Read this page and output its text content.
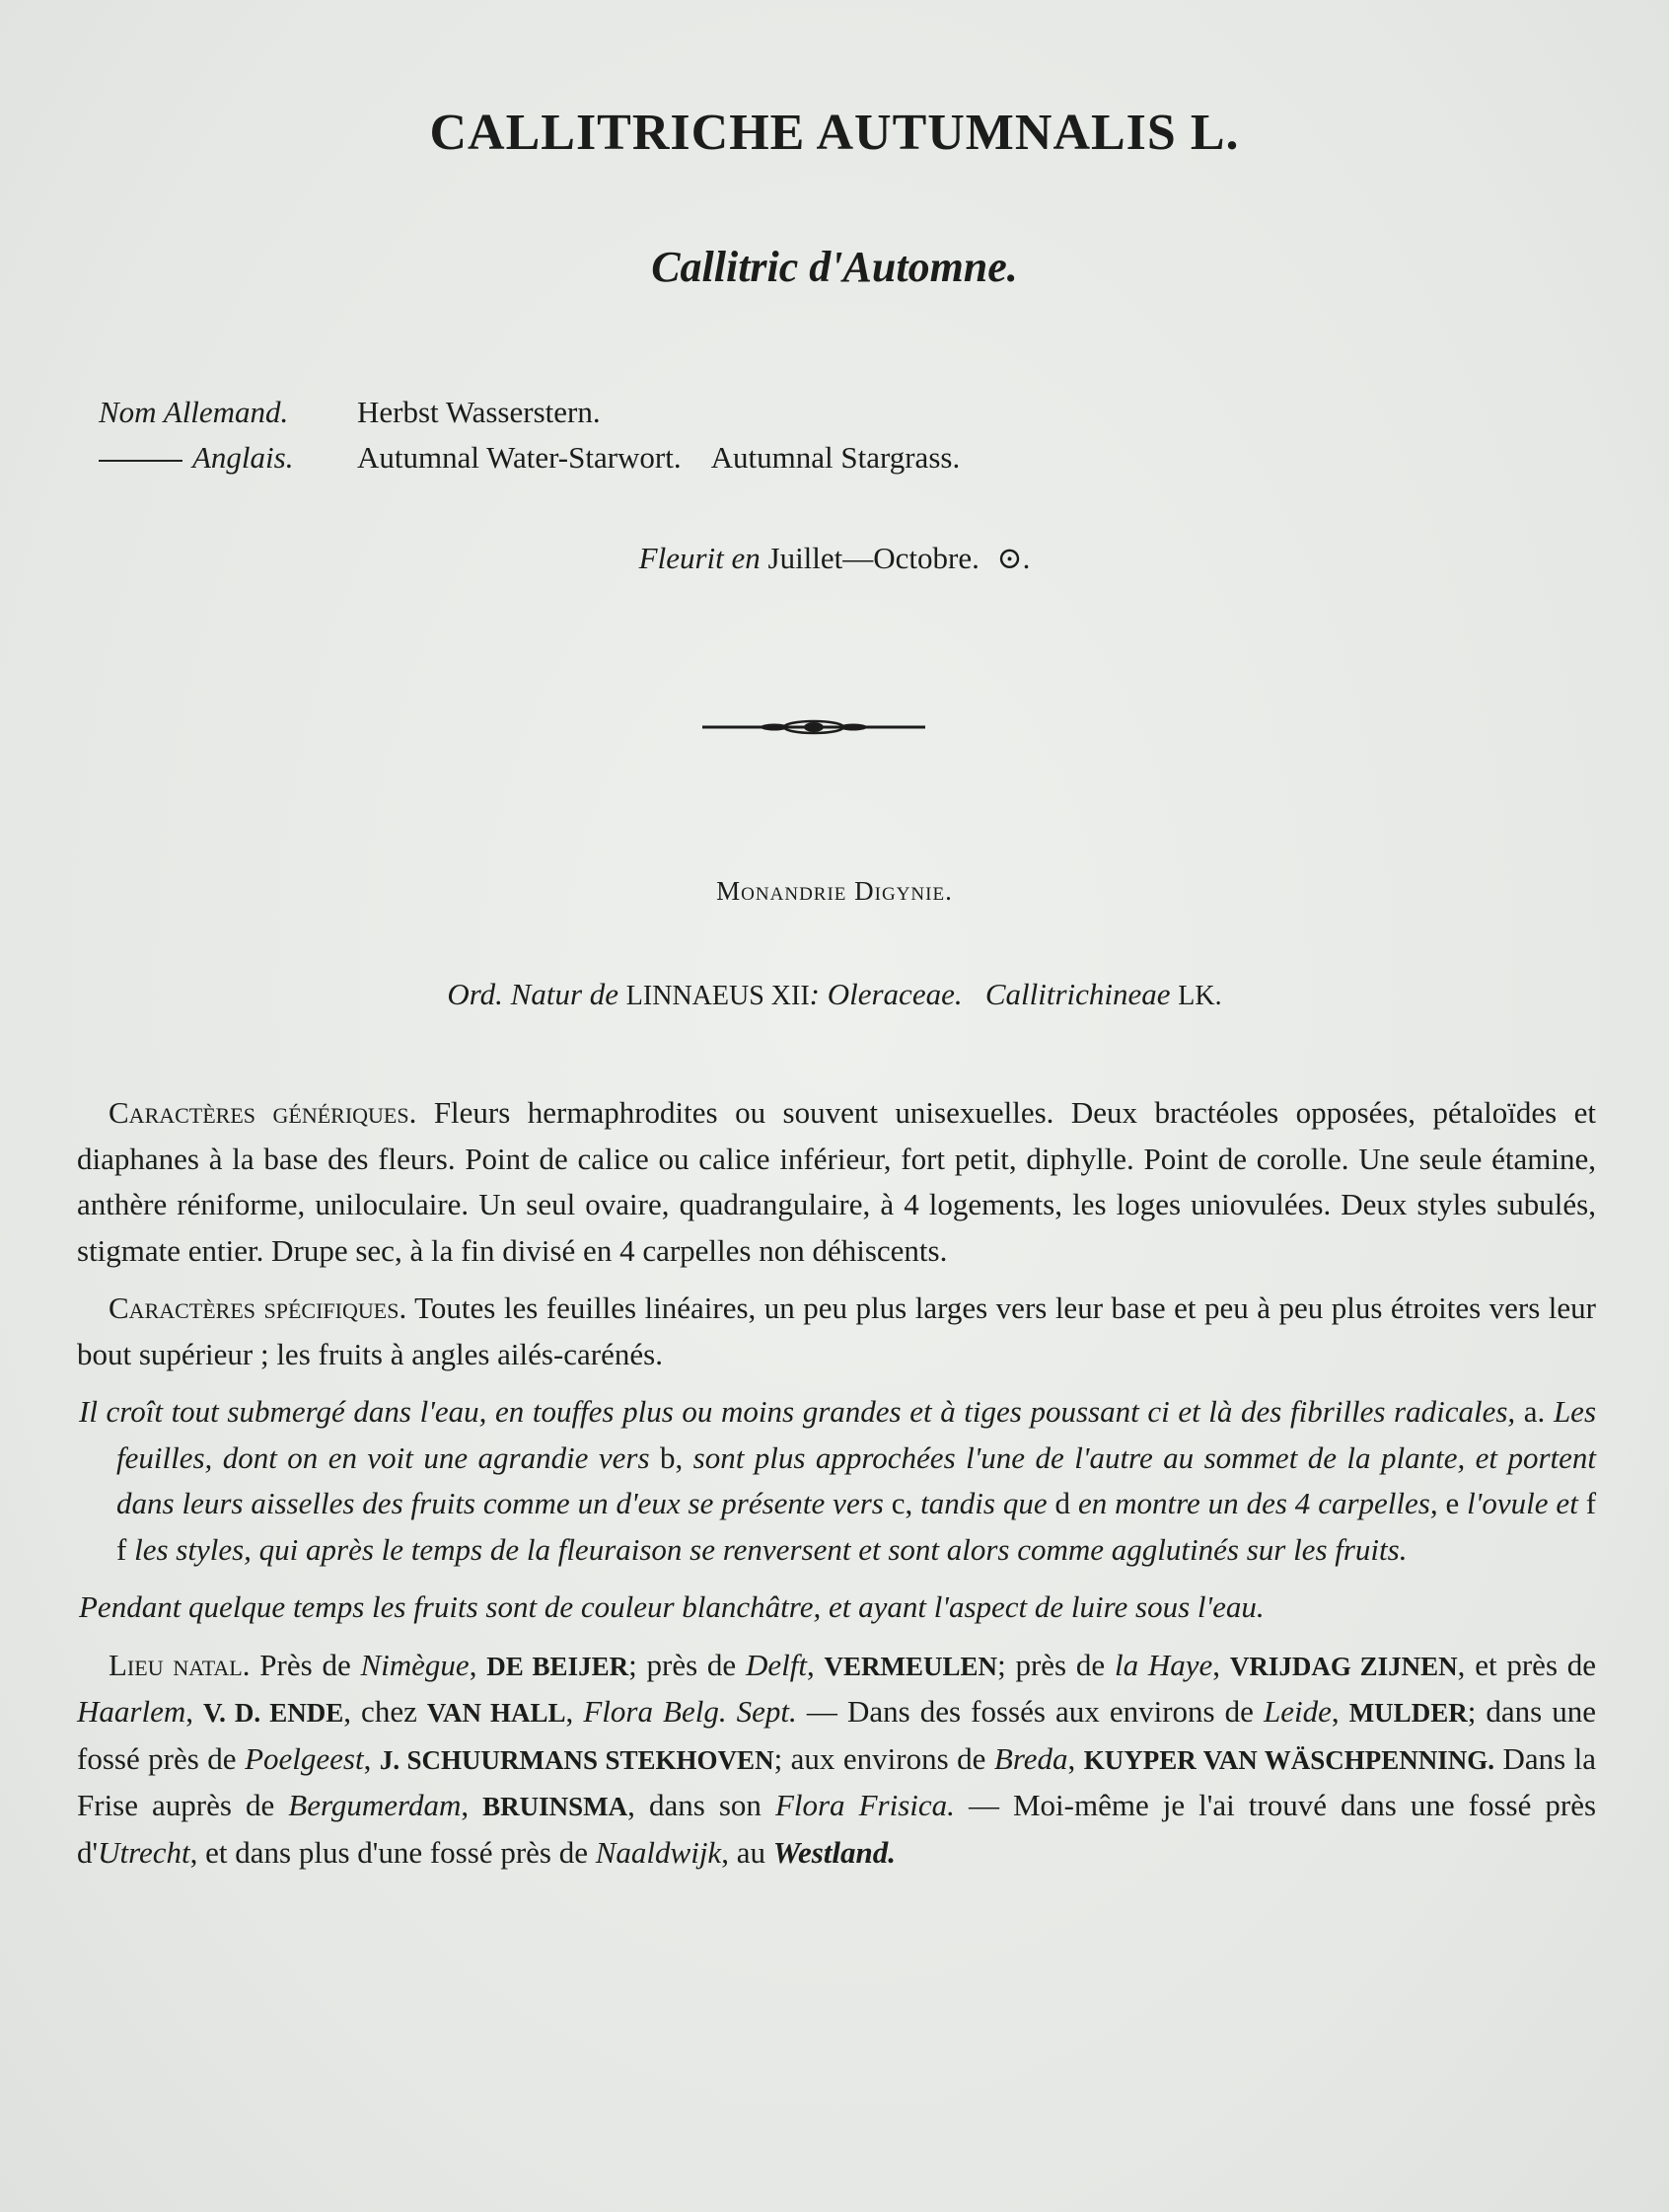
CALLITRICHE AUTUMNALIS L.
Callitric d'Automne.
Nom Allemand. Herbst Wasserstern.
Anglais. Autumnal Water-Starwort. Autumnal Stargrass.
Fleurit en Juillet—Octobre. ⊙.
Monandrie Digynie.
Ord. Natur de LINNAEUS XII: Oleraceae. Callitrichineae LK.

Caractères génériques. Fleurs hermaphrodites ou souvent unisexuelles. Deux bractéoles opposées, pétaloïdes et diaphanes à la base des fleurs. Point de calice ou calice inférieur, fort petit, diphylle. Point de corolle. Une seule étamine, anthère réniforme, uniloculaire. Un seul ovaire, quadrangulaire, à 4 logements, les loges uniovulées. Deux styles subulés, stigmate entier. Drupe sec, à la fin divisé en 4 carpelles non déhiscents.

Caractères spécifiques. Toutes les feuilles linéaires, un peu plus larges vers leur base et peu à peu plus étroites vers leur bout supérieur ; les fruits à angles ailés-carénés.

Il croît tout submergé dans l'eau, en touffes plus ou moins grandes et à tiges poussant ci et là des fibrilles radicales, a. Les feuilles, dont on en voit une agrandie vers b, sont plus approchées l'une de l'autre au sommet de la plante, et portent dans leurs aisselles des fruits comme un d'eux se présente vers c, tandis que d en montre un des 4 carpelles, e l'ovule et f f les styles, qui après le temps de la fleuraison se renversent et sont alors comme agglutinés sur les fruits.

Pendant quelque temps les fruits sont de couleur blanchâtre, et ayant l'aspect de luire sous l'eau.

Lieu natal. Près de Nimègue, DE BEIJER; près de Delft, VERMEULEN; près de la Haye, VRIJDAG ZIJNEN, et près de Haarlem, V. D. ENDE, chez VAN HALL, Flora Belg. Sept. — Dans des fossés aux environs de Leide, MULDER; dans une fossé près de Poelgeest, J. SCHUURMANS STEKHOVEN; aux environs de Breda, KUYPER VAN WÄSCHPENNING. Dans la Frise auprès de Bergumerdam, BRUINSMA, dans son Flora Frisica. — Moi-même je l'ai trouvé dans une fossé près d'Utrecht, et dans plus d'une fossé près de Naaldwijk, au Westland.
